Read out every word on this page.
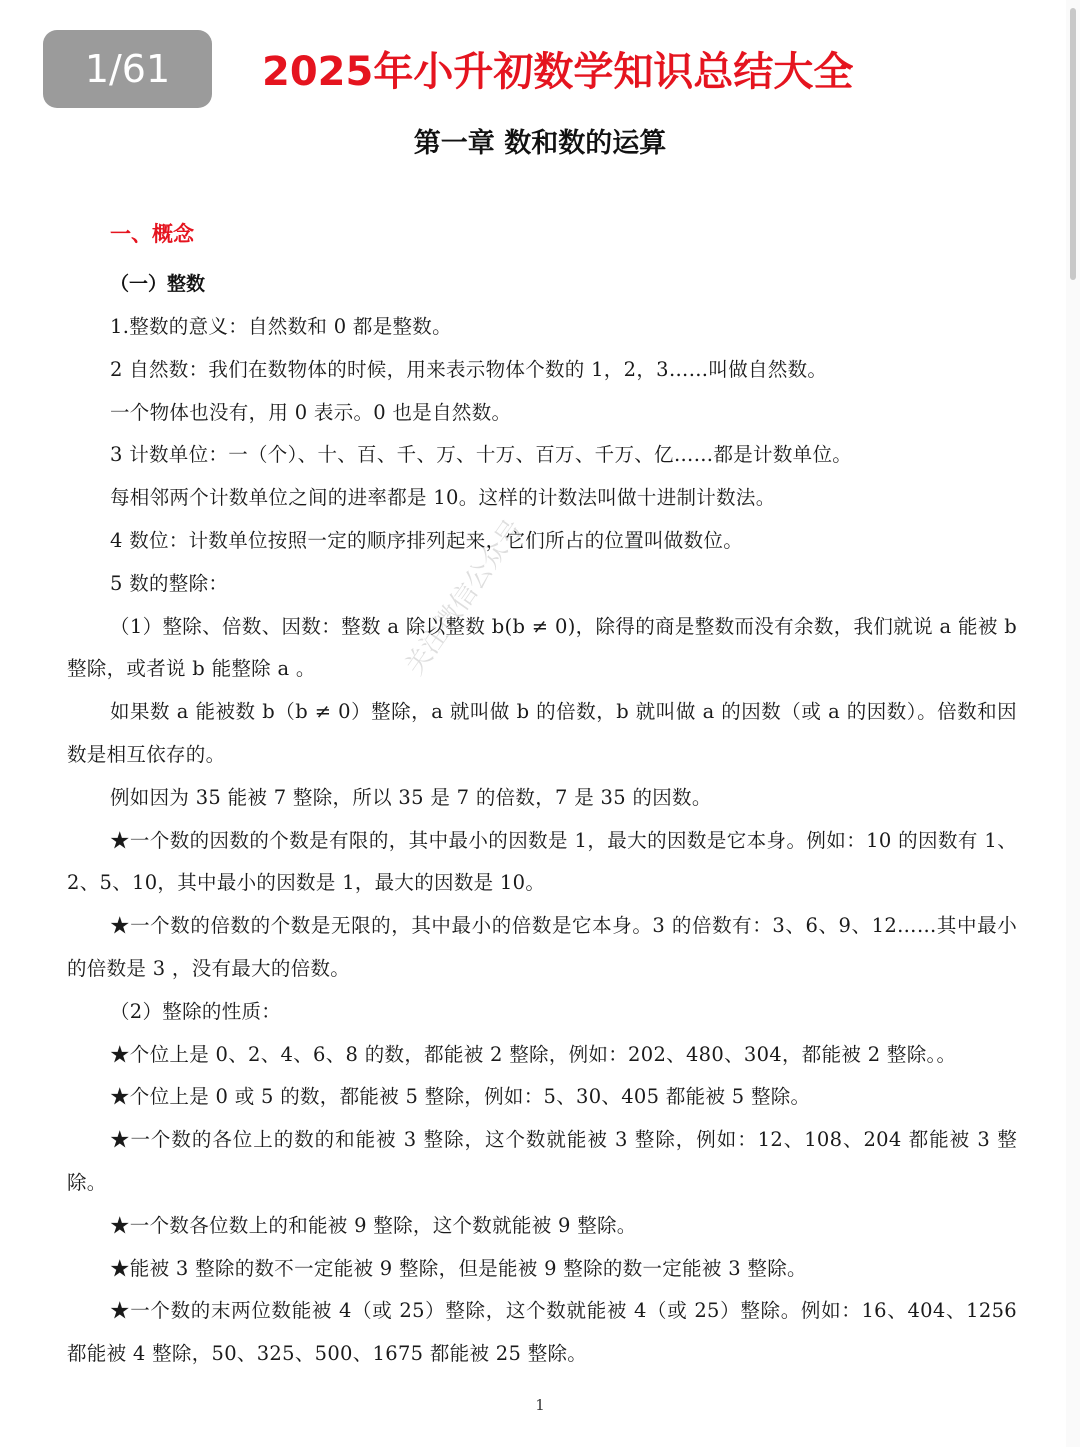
1/61	2025年小升初数学知识总结大全
第一章 数和数的运算
一、概念
（一）整数

1.整数的意义：自然数和 0 都是整数。

2 自然数：我们在数物体的时候，用来表示物体个数的 1，2，3……叫做自然数。

一个物体也没有，用 0 表示。0 也是自然数。

3 计数单位：一（个）、十、百、千、万、十万、百万、千万、亿……都是计数单位。

每相邻两个计数单位之间的进率都是 10。这样的计数法叫做十进制计数法。

4 数位：计数单位按照一定的顺序排列起来，它们所占的位置叫做数位。

5 数的整除：

（1）整除、倍数、因数：整数 a 除以整数 b(b ≠ 0)，除得的商是整数而没有余数，我们就说 a 能被 b 整除，或者说 b 能整除 a 。

如果数 a 能被数 b（b ≠ 0）整除，a 就叫做 b 的倍数，b 就叫做 a 的因数（或 a 的因数）。倍数和因数是相互依存的。

例如因为 35 能被 7 整除，所以 35 是 7 的倍数，7 是 35 的因数。

★一个数的因数的个数是有限的，其中最小的因数是 1，最大的因数是它本身。例如：10 的因数有 1、2、5、10，其中最小的因数是 1，最大的因数是 10。

★一个数的倍数的个数是无限的，其中最小的倍数是它本身。3 的倍数有：3、6、9、12……其中最小的倍数是 3 ，没有最大的倍数。

（2）整除的性质：

★个位上是 0、2、4、6、8 的数，都能被 2 整除，例如：202、480、304，都能被 2 整除。。

★个位上是 0 或 5 的数，都能被 5 整除，例如：5、30、405 都能被 5 整除。

★一个数的各位上的数的和能被 3 整除，这个数就能被 3 整除，例如：12、108、204 都能被 3 整除。

★一个数各位数上的和能被 9 整除，这个数就能被 9 整除。

★能被 3 整除的数不一定能被 9 整除，但是能被 9 整除的数一定能被 3 整除。

★一个数的末两位数能被 4（或 25）整除，这个数就能被 4（或 25）整除。例如：16、404、1256 都能被 4 整除，50、325、500、1675 都能被 25 整除。

关注微信公众号
1
